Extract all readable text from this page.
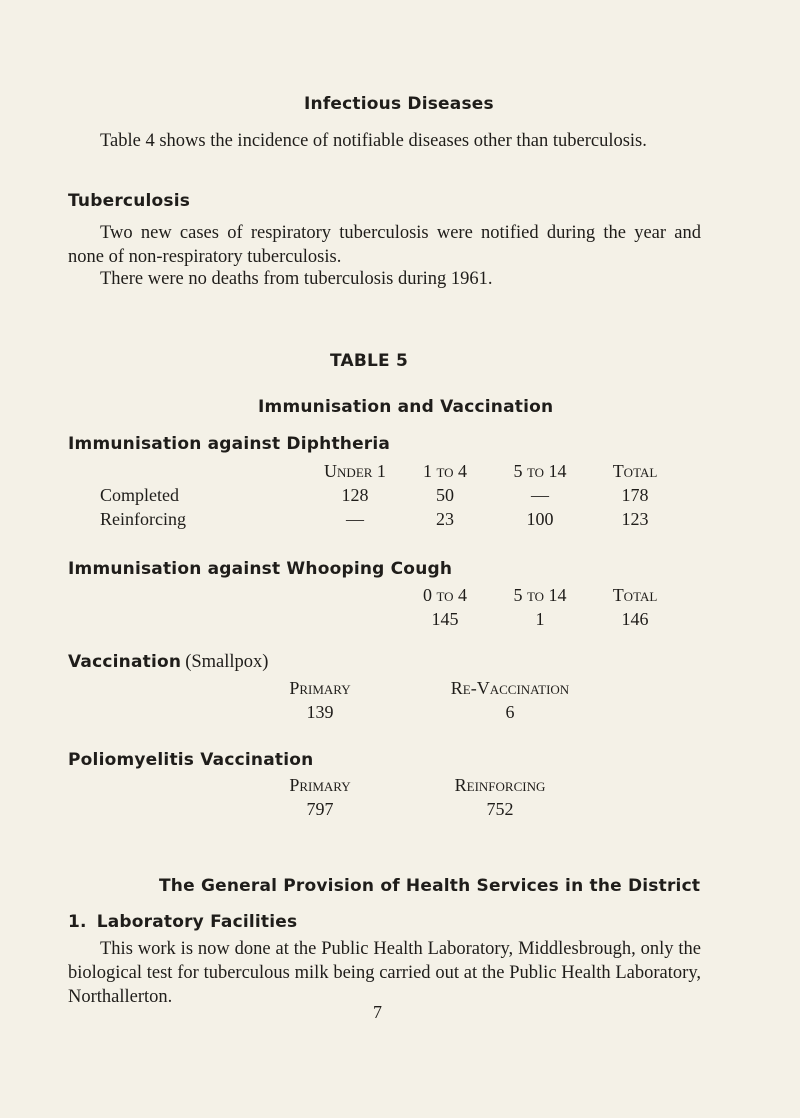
Infectious Diseases
Table 4 shows the incidence of notifiable diseases other than tuberculosis.
Tuberculosis
Two new cases of respiratory tuberculosis were notified during the year and none of non-respiratory tuberculosis.
There were no deaths from tuberculosis during 1961.
TABLE 5
Immunisation and Vaccination
Immunisation against Diphtheria
Under 1	1 to 4	5 to 14	Total
Completed	128	50	—	178
Reinforcing	—	23	100	123
Immunisation against Whooping Cough
0 to 4	5 to 14	Total
145	1	146
Vaccination (Smallpox)
Primary	Re-Vaccination
139	6
Poliomyelitis Vaccination
Primary	Reinforcing
797	752
The General Provision of Health Services in the District
1. Laboratory Facilities
This work is now done at the Public Health Laboratory, Middlesbrough, only the biological test for tuberculous milk being carried out at the Public Health Laboratory, Northallerton.
7
